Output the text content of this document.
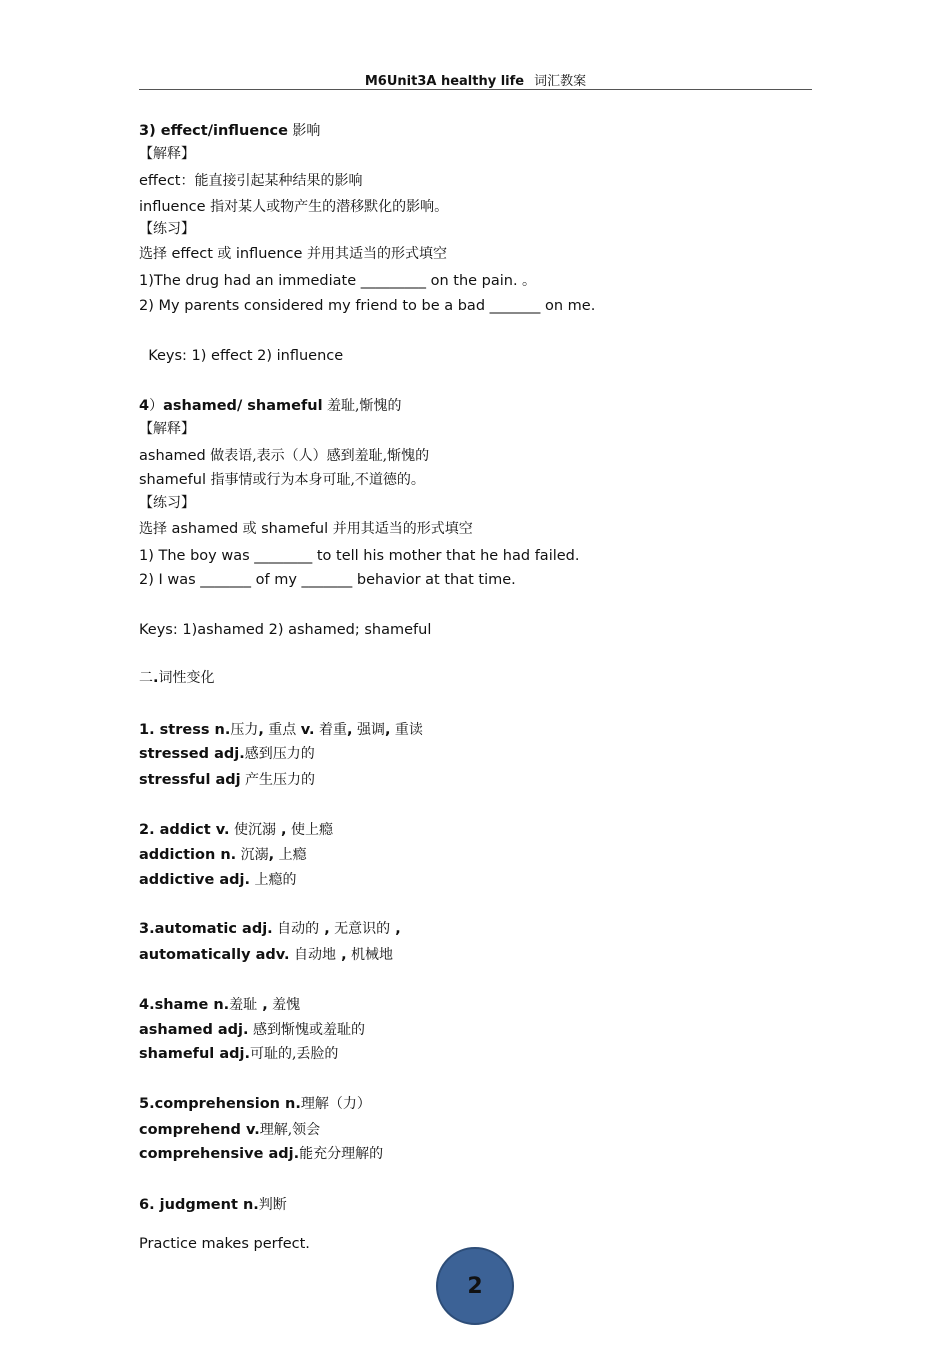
M6Unit3A healthy life 词汇教案
3) effect/influence 影响
【解释】
effect：能直接引起某种结果的影响
influence 指对某人或物产生的潜移默化的影响。
【练习】
选择 effect 或 influence 并用其适当的形式填空
1)The drug had an immediate _________ on the pain. 。
2) My parents considered my friend to be a bad _______ on me.
Keys: 1) effect 2) influence
4）ashamed/ shameful 羞耻,惭愧的
【解释】
ashamed 做表语,表示（人）感到羞耻,惭愧的
shameful 指事情或行为本身可耻,不道德的。
【练习】
选择 ashamed 或 shameful 并用其适当的形式填空
1) The boy was ________ to tell his mother that he had failed.
2) I was _______ of my _______ behavior at that time.
Keys: 1)ashamed 2) ashamed; shameful
二.词性变化
1. stress n.压力, 重点 v. 着重, 强调, 重读
stressed adj.感到压力的
stressful adj 产生压力的
2. addict v. 使沉溺 , 使上瘾
addiction n. 沉溺, 上瘾
addictive adj. 上瘾的
3.automatic adj. 自动的 , 无意识的 ,
automatically adv. 自动地 , 机械地
4.shame n.羞耻 , 羞愧
ashamed adj. 感到惭愧或羞耻的
shameful adj.可耻的,丢脸的
5.comprehension n.理解（力）
comprehend v.理解,领会
comprehensive adj.能充分理解的
6. judgment n.判断
Practice makes perfect.
2
